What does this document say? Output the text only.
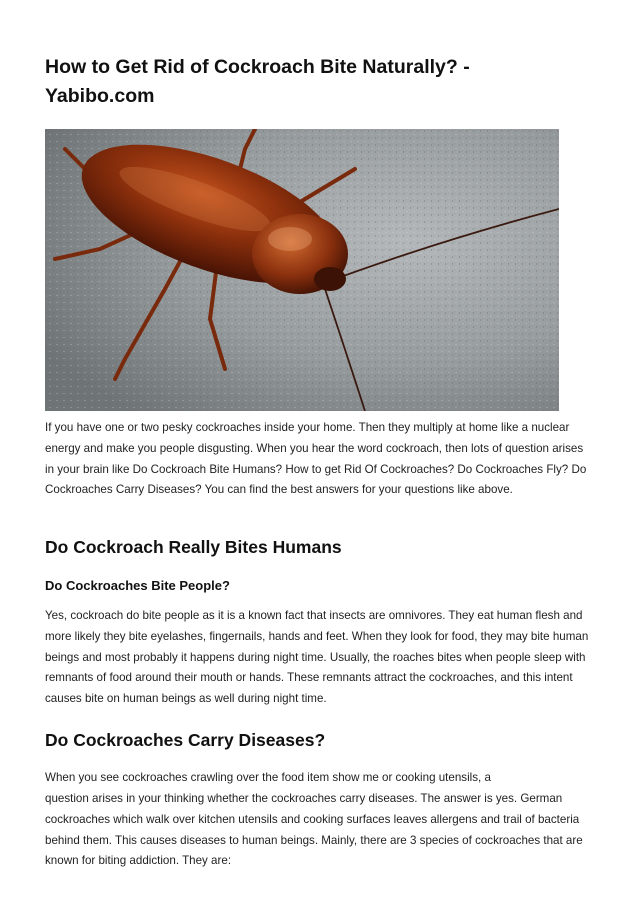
How to Get Rid of Cockroach Bite Naturally? - Yabibo.com

If you have one or two pesky cockroaches inside your home. Then they multiply at home like a nuclear energy and make you people disgusting. When you hear the word cockroach, then lots of question arises in your brain like Do Cockroach Bite Humans? How to get Rid Of Cockroaches? Do Cockroaches Fly? Do Cockroaches Carry Diseases? You can find the best answers for your questions like above.

Do Cockroach Really Bites Humans
Do Cockroaches Bite People?

Yes, cockroach do bite people as it is a known fact that insects are omnivores. They eat human flesh and more likely they bite eyelashes, fingernails, hands and feet. When they look for food, they may bite human beings and most probably it happens during night time. Usually, the roaches bites when people sleep with remnants of food around their mouth or hands. These remnants attract the cockroaches, and this intent causes bite on human beings as well during night time.

Do Cockroaches Carry Diseases?

When you see cockroaches crawling over the food item show me or cooking utensils, a

question arises in your thinking whether the cockroaches carry diseases. The answer is yes. German cockroaches which walk over kitchen utensils and cooking surfaces leaves allergens and trail of bacteria behind them. This causes diseases to human beings. Mainly, there are 3 species of cockroaches that are known for biting addiction. They are:
